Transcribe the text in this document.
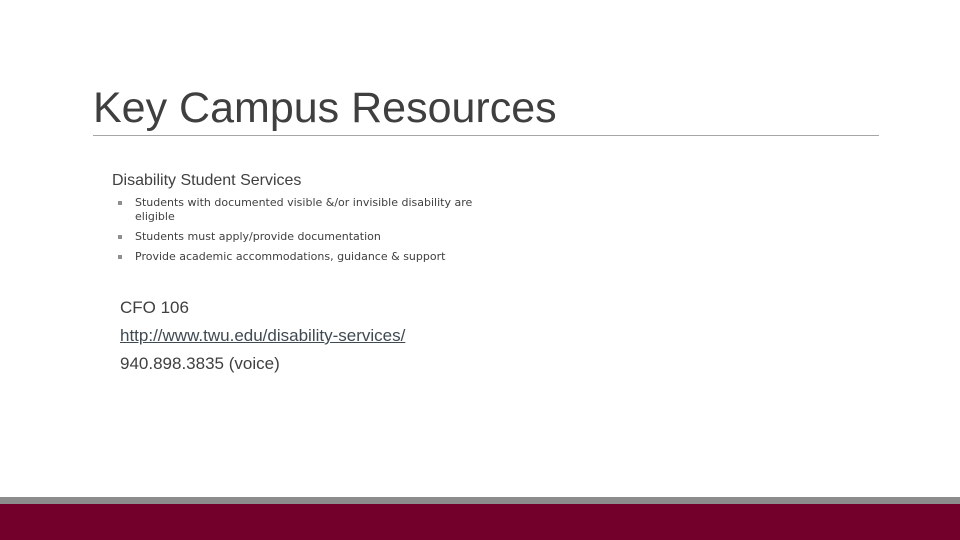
Key Campus Resources
Disability Student Services
Students with documented visible &/or invisible disability are eligible
Students must apply/provide documentation
Provide academic accommodations, guidance & support
CFO 106
http://www.twu.edu/disability-services/
940.898.3835 (voice)
